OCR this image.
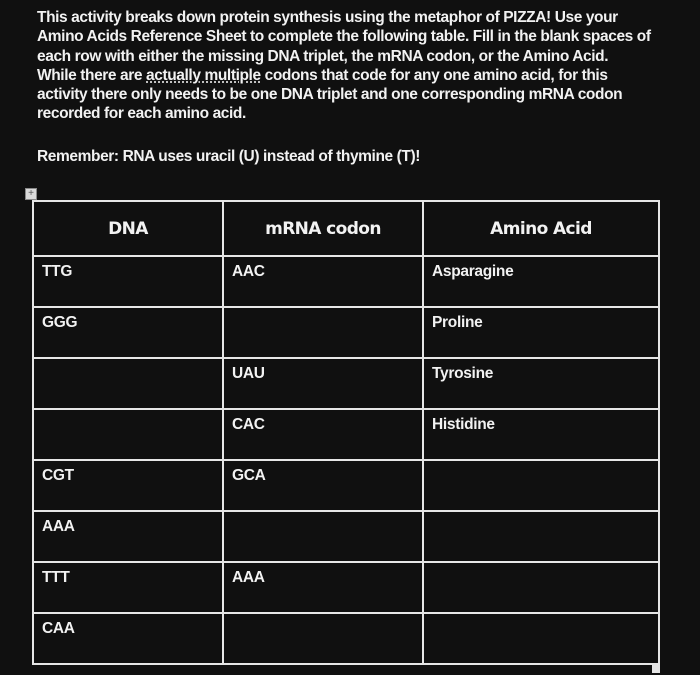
This activity breaks down protein synthesis using the metaphor of PIZZA! Use your

Amino Acids Reference Sheet to complete the following table. Fill in the blank spaces of

each row with either the missing DNA triplet, the mRNA codon, or the Amino Acid.

While there are actually multiple codons that code for any one amino acid, for this

activity there only needs to be one DNA triplet and one corresponding mRNA codon

recorded for each amino acid.

Remember: RNA uses uracil (U) instead of thymine (T)!

+
DNA	mRNA codon	Amino Acid
TTG	AAC	Asparagine
GGG		Proline
	UAU	Tyrosine
	CAC	Histidine
CGT	GCA	
AAA		
TTT	AAA	
CAA		
